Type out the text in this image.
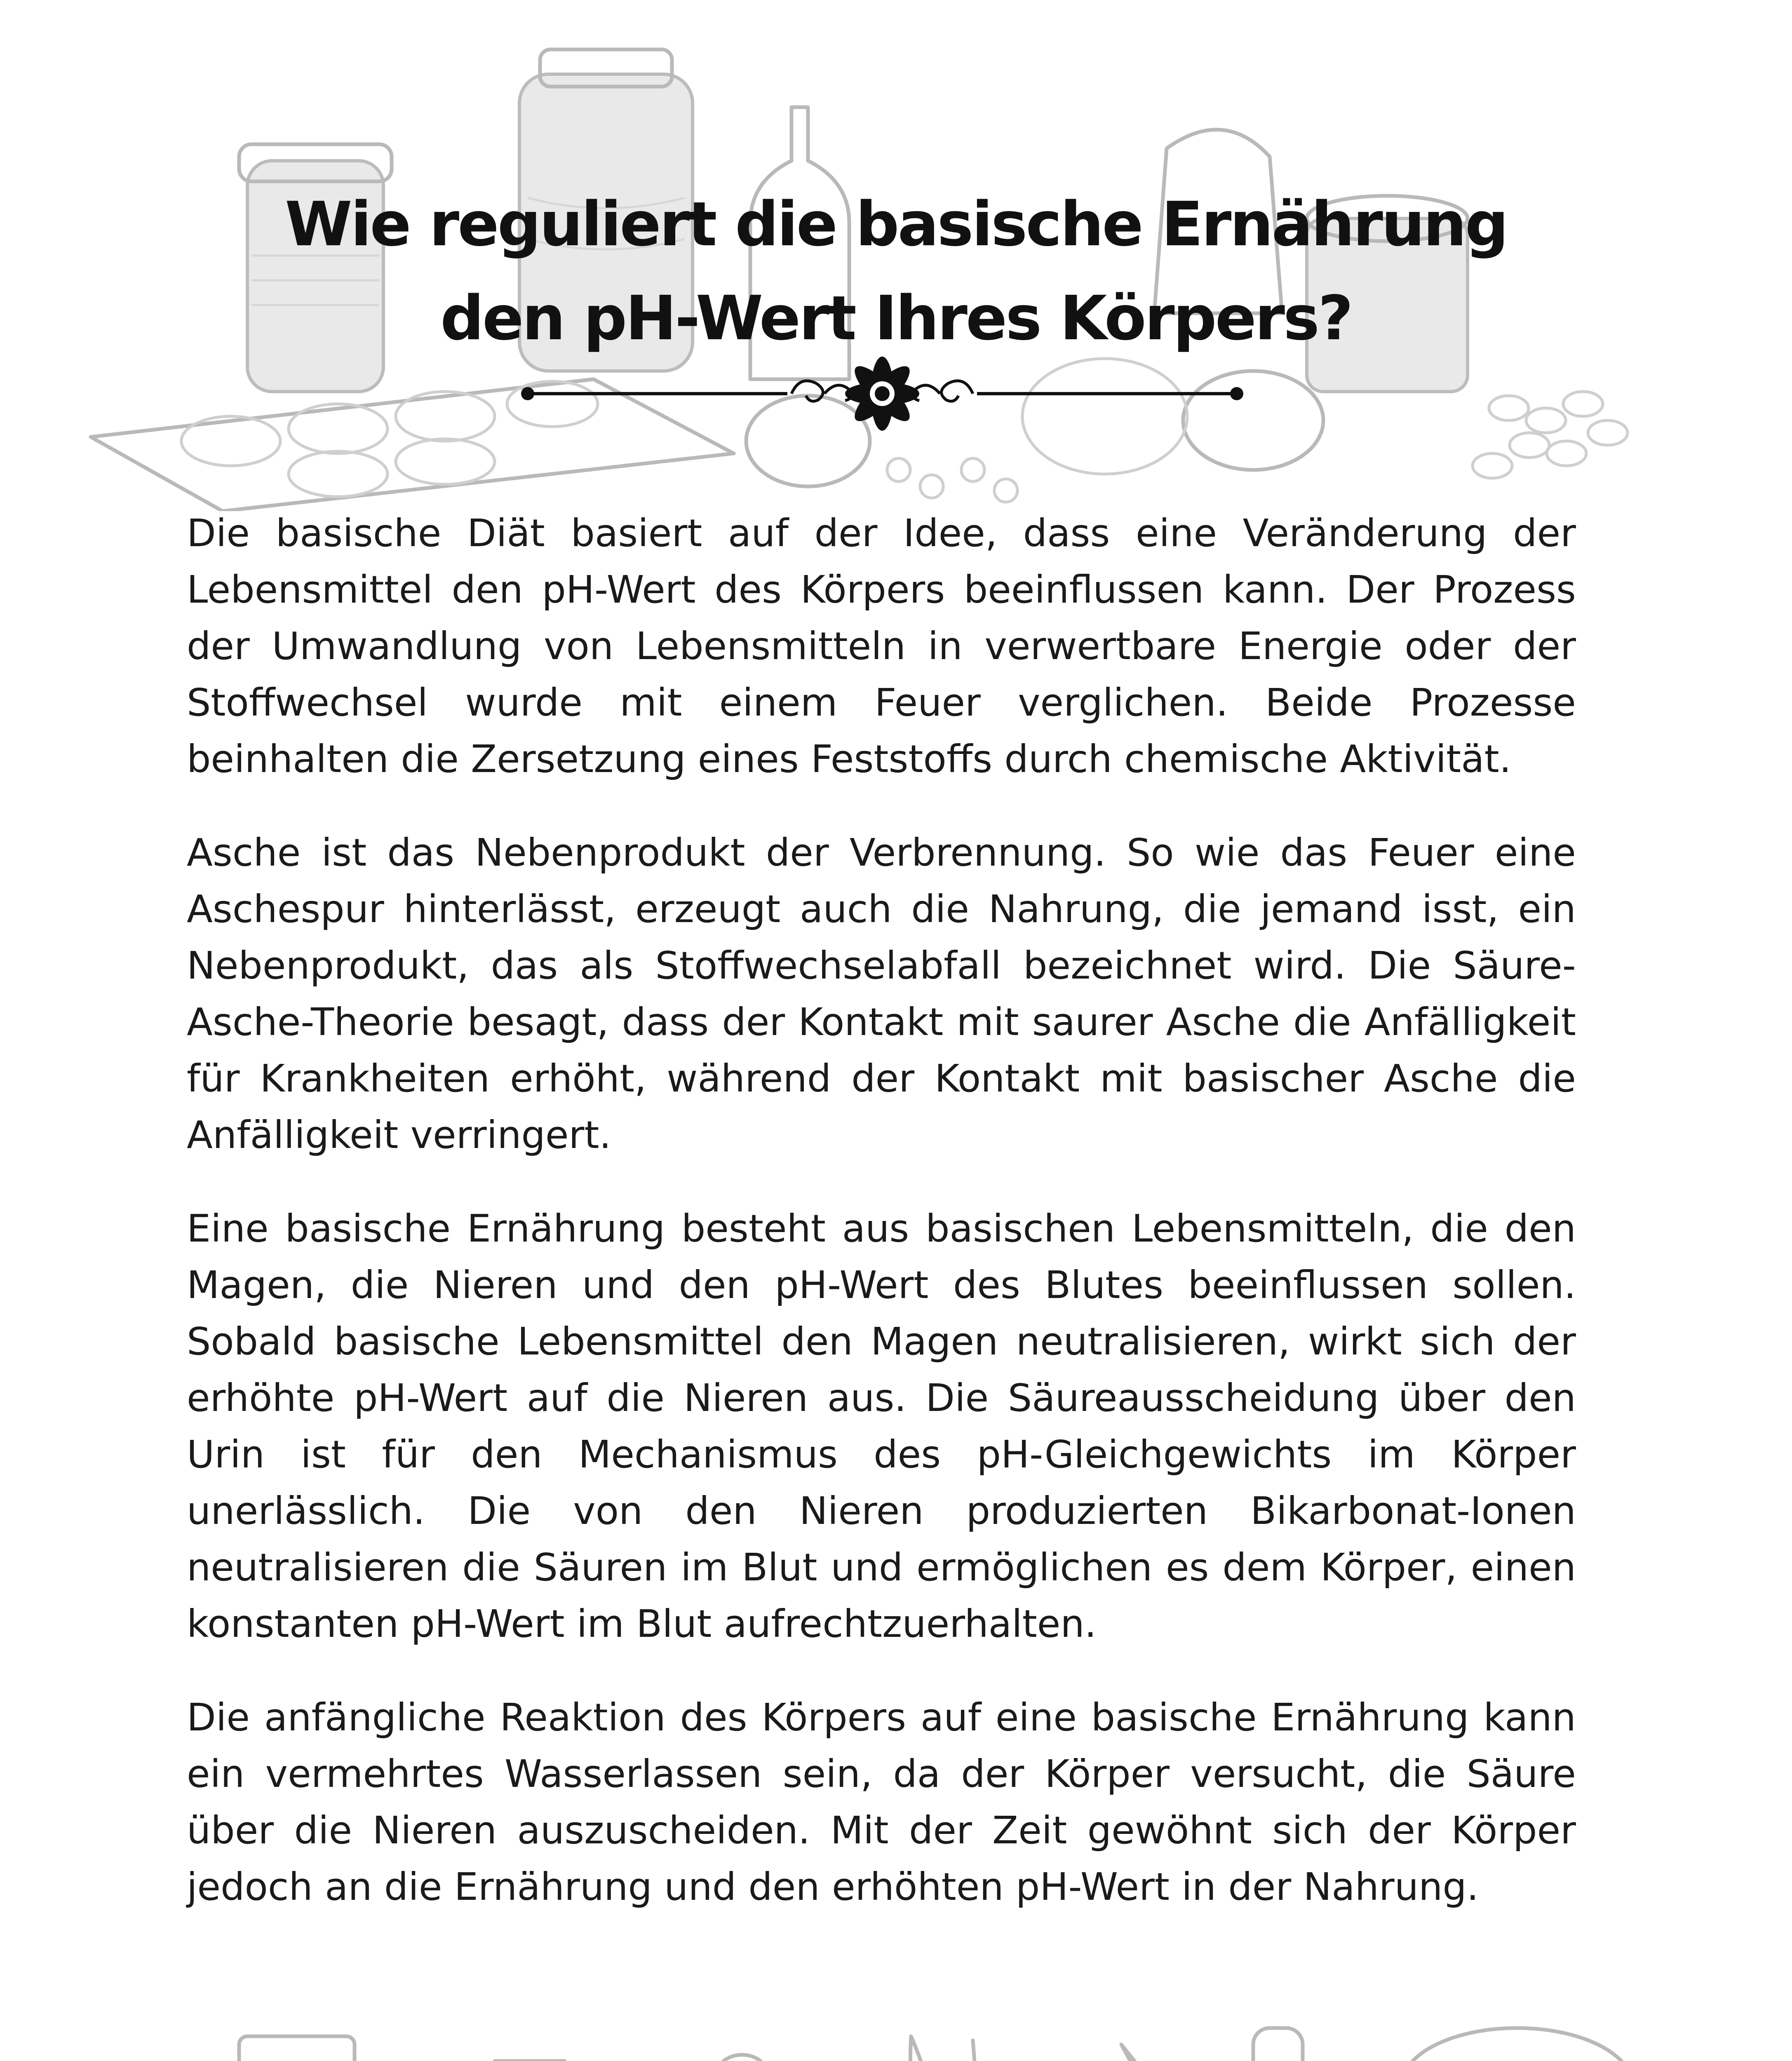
Wie reguliert die basische Ernährung
den pH-Wert Ihres Körpers?

Die basische Diät basiert auf der Idee, dass eine Veränderung der Lebensmittel den pH-Wert des Körpers beeinflussen kann. Der Prozess der Umwandlung von Lebensmitteln in verwertbare Energie oder der Stoffwechsel wurde mit einem Feuer verglichen. Beide Prozesse beinhalten die Zersetzung eines Feststoffs durch chemische Aktivität.

Asche ist das Nebenprodukt der Verbrennung. So wie das Feuer eine Aschespur hinterlässt, erzeugt auch die Nahrung, die jemand isst, ein Nebenprodukt, das als Stoffwechselabfall bezeichnet wird. Die Säure-Asche-Theorie besagt, dass der Kontakt mit saurer Asche die Anfälligkeit für Krankheiten erhöht, während der Kontakt mit basischer Asche die Anfälligkeit verringert.

Eine basische Ernährung besteht aus basischen Lebensmitteln, die den Magen, die Nieren und den pH-Wert des Blutes beeinflussen sollen. Sobald basische Lebensmittel den Magen neutralisieren, wirkt sich der erhöhte pH-Wert auf die Nieren aus. Die Säureausscheidung über den Urin ist für den Mechanismus des pH-Gleichgewichts im Körper unerlässlich. Die von den Nieren produzierten Bikarbonat-Ionen neutralisieren die Säuren im Blut und ermöglichen es dem Körper, einen konstanten pH-Wert im Blut aufrechtzuerhalten.

Die anfängliche Reaktion des Körpers auf eine basische Ernährung kann ein vermehrtes Wasserlassen sein, da der Körper versucht, die Säure über die Nieren auszuscheiden. Mit der Zeit gewöhnt sich der Körper jedoch an die Ernährung und den erhöhten pH-Wert in der Nahrung.
